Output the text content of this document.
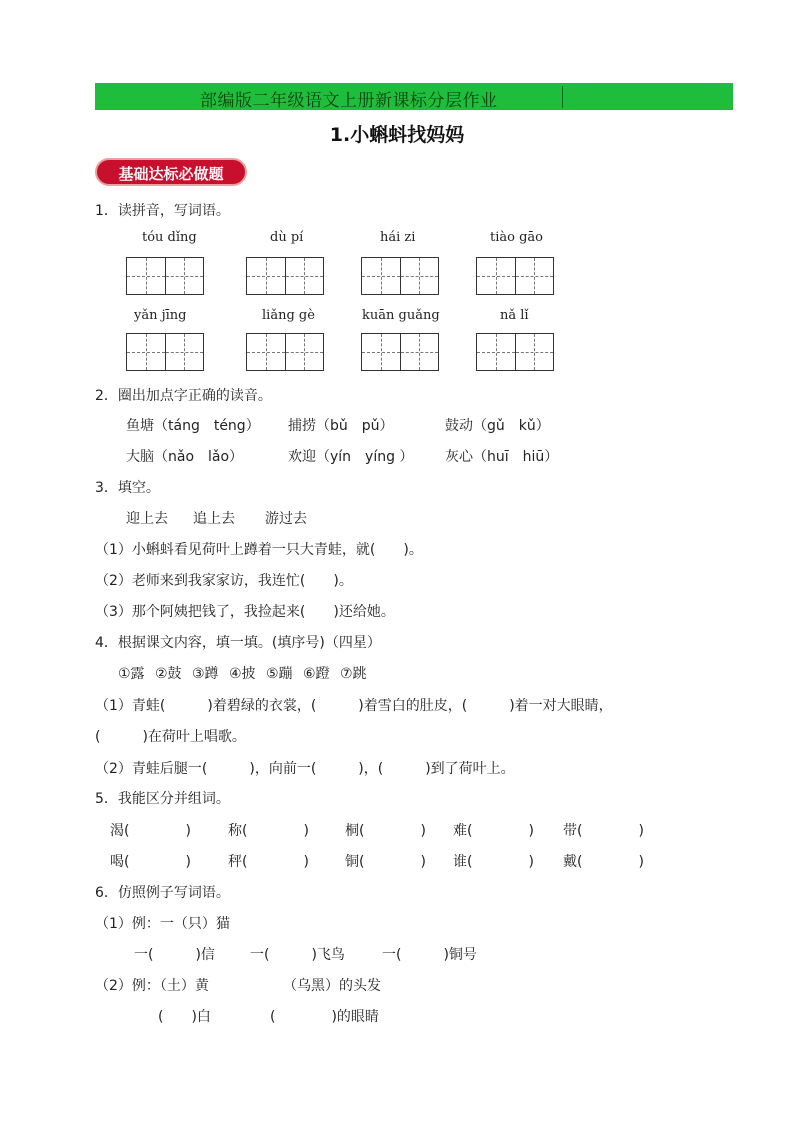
部编版二年级语文上册新课标分层作业
1.小蝌蚪找妈妈
基础达标必做题
1．读拼音，写词语。
tóu dǐng	dù pí	hái zi	tiào gāo
yǎn jīng	liǎng gè	kuān guǎng	nǎ lǐ
2．圈出加点字正确的读音。
鱼塘（táng　téng） 捕捞（bǔ　pǔ）	鼓动（gǔ　kǔ）
大脑（nǎo　lǎo）	欢迎（yín　yíng ） 灰心（huī　hiū）
3．填空。
迎上去 追上去 游过去
（1）小蝌蚪看见荷叶上蹲着一只大青蛙，就(　　)。
（2）老师来到我家家访，我连忙(　　)。
（3）那个阿姨把钱了，我捡起来(　　)还给她。
4．根据课文内容，填一填。(填序号)（四星）
①露 ②鼓 ③蹲 ④披 ⑤蹦 ⑥蹬 ⑦跳
（1）青蛙(　　　)着碧绿的衣裳，(　　　)着雪白的肚皮，(　　　)着一对大眼睛，
(　　　)在荷叶上唱歌。
（2）青蛙后腿一(　　　)，向前一(　　　)，(　　　)到了荷叶上。
5．我能区分并组词。
渴(　　　　)	称(　　　　)	桐(　　　　) 难(　　　　) 带(　　　　)
喝(　　　　)	秤(　　　　)	铜(　　　　) 谁(　　　　) 戴(　　　　)
6．仿照例子写词语。
（1）例：一（只）猫
一(　　　)信	一(　　　)飞鸟	一(　　　)铜号
（2）例：（土）黄	（乌黑）的头发
(　　)白	(　　　　)的眼睛
